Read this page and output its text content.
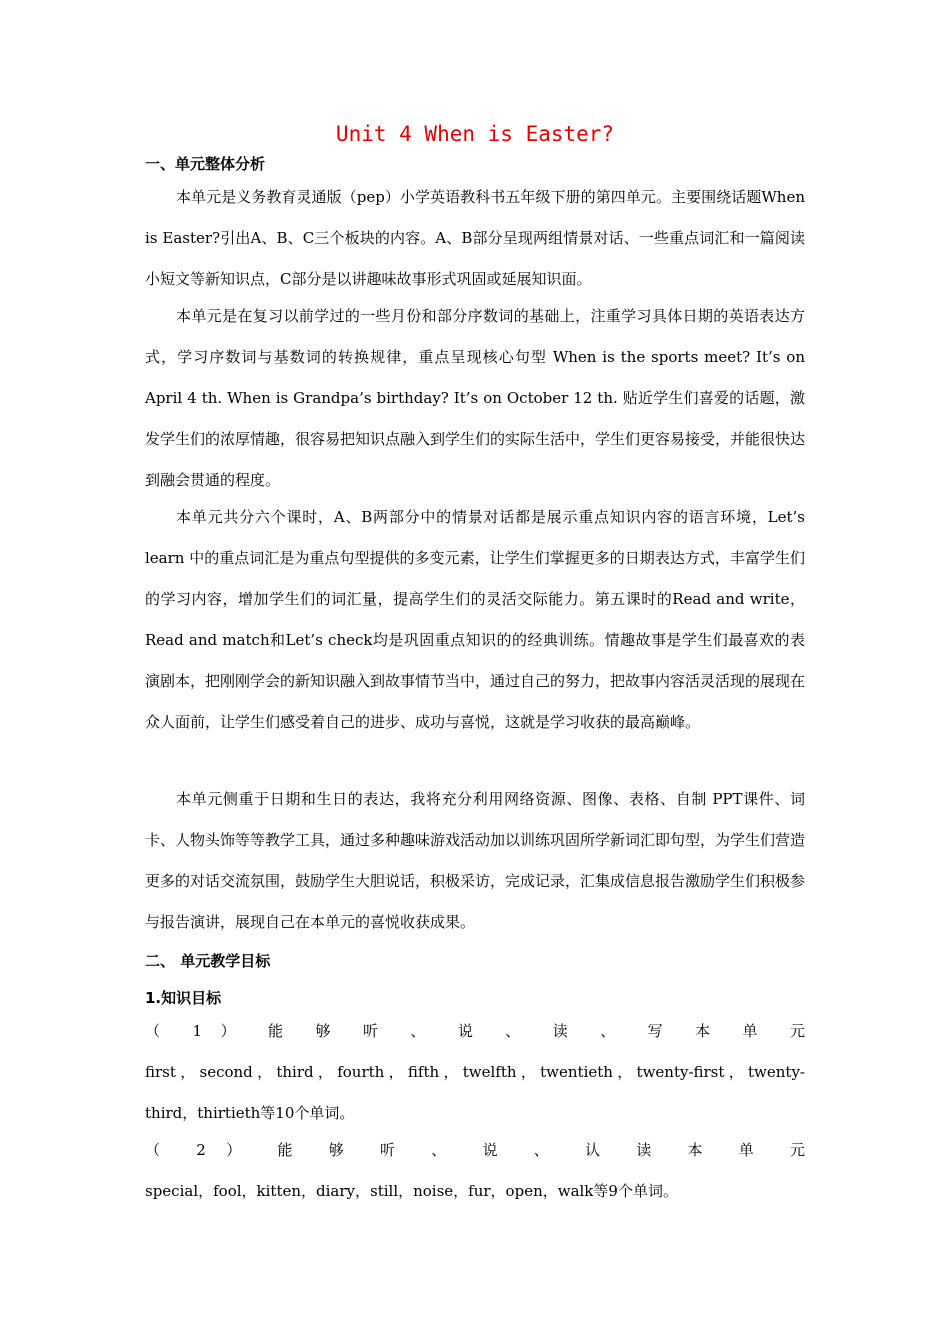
Unit 4 When is Easter?
一、单元整体分析
本单元是义务教育灵通版（pep）小学英语教科书五年级下册的第四单元。主要围绕话题When is Easter?引出A、B、C三个板块的内容。A、B部分呈现两组情景对话、一些重点词汇和一篇阅读小短文等新知识点，C部分是以讲趣味故事形式巩固或延展知识面。
本单元是在复习以前学过的一些月份和部分序数词的基础上，注重学习具体日期的英语表达方式，学习序数词与基数词的转换规律，重点呈现核心句型 When is the sports meet? It’s on April 4 th. When is Grandpa’s birthday? It’s on October 12 th. 贴近学生们喜爱的话题，激发学生们的浓厚情趣，很容易把知识点融入到学生们的实际生活中，学生们更容易接受，并能很快达到融会贯通的程度。
本单元共分六个课时，A、B两部分中的情景对话都是展示重点知识内容的语言环境，Let’s learn 中的重点词汇是为重点句型提供的多变元素，让学生们掌握更多的日期表达方式，丰富学生们的学习内容，增加学生们的词汇量，提高学生们的灵活交际能力。第五课时的Read and write，Read and match和Let’s check均是巩固重点知识的的经典训练。情趣故事是学生们最喜欢的表演剧本，把刚刚学会的新知识融入到故事情节当中，通过自己的努力，把故事内容活灵活现的展现在众人面前，让学生们感受着自己的进步、成功与喜悦，这就是学习收获的最高巅峰。
本单元侧重于日期和生日的表达，我将充分利用网络资源、图像、表格、自制 PPT课件、词卡、人物头饰等等教学工具，通过多种趣味游戏活动加以训练巩固所学新词汇即句型，为学生们营造更多的对话交流氛围，鼓励学生大胆说话，积极采访，完成记录，汇集成信息报告激励学生们积极参与报告演讲，展现自己在本单元的喜悦收获成果。
二、 单元教学目标
1.知识目标
（ 1 ） 能 够 听 、 说 、 读 、 写 本 单 元
first，second，third，fourth，fifth，twelfth，twentieth，twenty-first，twenty-
third，thirtieth等10个单词。
（ 2 ） 能 够 听 、 说 、 认 读 本 单 元
special，fool，kitten，diary，still，noise，fur，open，walk等9个单词。
